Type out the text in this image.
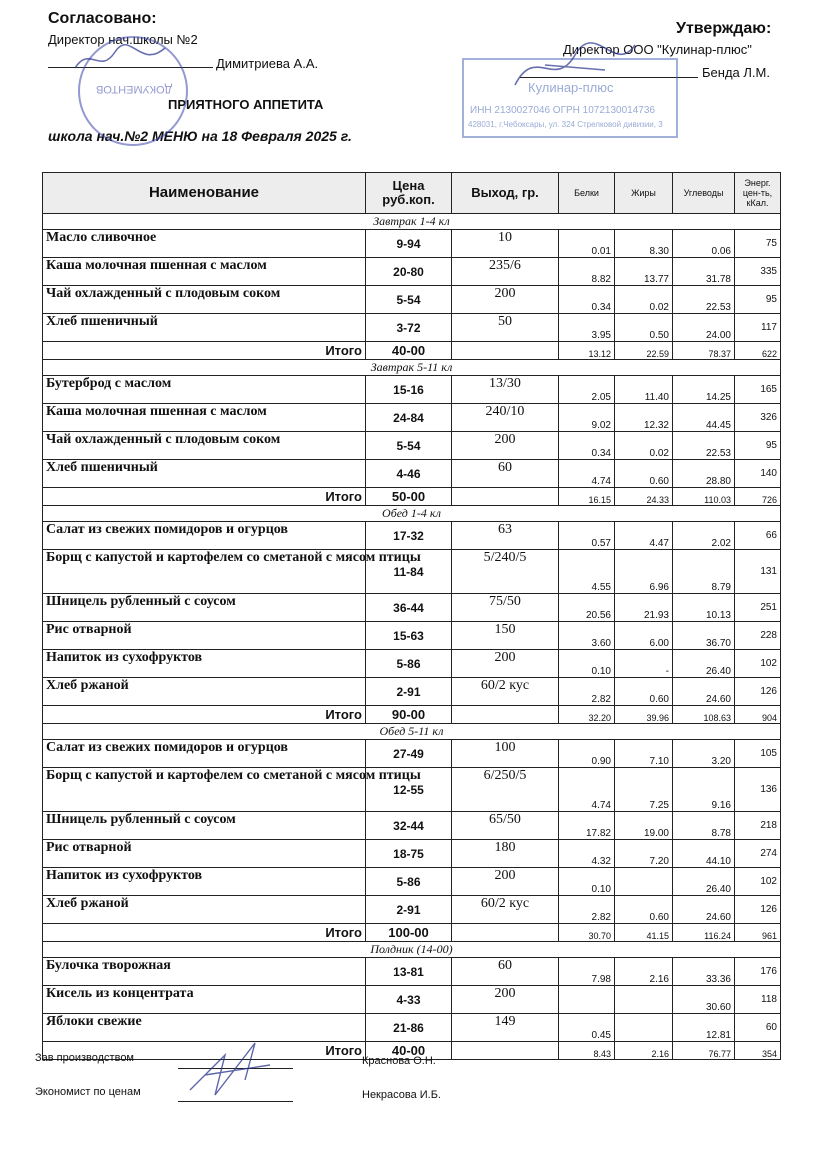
Согласовано:
Директор нач.школы №2
Димитриева А.А.
Утверждаю:
Директор ООО "Кулинар-плюс"
Бенда Л.М.
ПРИЯТНОГО АППЕТИТА
школа нач.№2 МЕНЮ на 18 Февраля 2025 г.
ДОКУМЕНТОВ	Кулинар-плюс
ИНН 2130027046 ОГРН 1072130014736
428031, г.Чебоксары, ул. 324 Стрелковой дивизии, 3
Наименование	Цена руб.коп.	Выход, гр.	Белки	Жиры	Углеводы	Энерг. цен-ть, кКал.
Завтрак 1-4 кл						
Масло сливочное	9-94	10	0.01	8.30	0.06	75
Каша молочная пшенная с маслом	20-80	235/6	8.82	13.77	31.78	335
Чай охлажденный с плодовым соком	5-54	200	0.34	0.02	22.53	95
Хлеб пшеничный	3-72	50	3.95	0.50	24.00	117
Итого	40-00		13.12	22.59	78.37	622
Завтрак 5-11 кл						
Бутерброд с маслом	15-16	13/30	2.05	11.40	14.25	165
Каша молочная пшенная с маслом	24-84	240/10	9.02	12.32	44.45	326
Чай охлажденный с плодовым соком	5-54	200	0.34	0.02	22.53	95
Хлеб пшеничный	4-46	60	4.74	0.60	28.80	140
Итого	50-00		16.15	24.33	110.03	726
Обед 1-4 кл						
Салат из свежих помидоров и огурцов	17-32	63	0.57	4.47	2.02	66
Борщ с капустой и картофелем со сметаной с мясом птицы	11-84	5/240/5	4.55	6.96	8.79	131
Шницель рубленный с соусом	36-44	75/50	20.56	21.93	10.13	251
Рис отварной	15-63	150	3.60	6.00	36.70	228
Напиток из сухофруктов	5-86	200	0.10	-	26.40	102
Хлеб ржаной	2-91	60/2 кус	2.82	0.60	24.60	126
Итого	90-00		32.20	39.96	108.63	904
Обед 5-11 кл						
Салат из свежих помидоров и огурцов	27-49	100	0.90	7.10	3.20	105
Борщ с капустой и картофелем со сметаной с мясом птицы	12-55	6/250/5	4.74	7.25	9.16	136
Шницель рубленный с соусом	32-44	65/50	17.82	19.00	8.78	218
Рис отварной	18-75	180	4.32	7.20	44.10	274
Напиток из сухофруктов	5-86	200	0.10		26.40	102
Хлеб ржаной	2-91	60/2 кус	2.82	0.60	24.60	126
Итого	100-00		30.70	41.15	116.24	961
Полдник (14-00)						
Булочка творожная	13-81	60	7.98	2.16	33.36	176
Кисель из концентрата	4-33	200			30.60	118
Яблоки свежие	21-86	149	0.45		12.81	60
Итого	40-00		8.43	2.16	76.77	354
Зав производством	Краснова О.Н.
Экономист по ценам	Некрасова И.Б.
